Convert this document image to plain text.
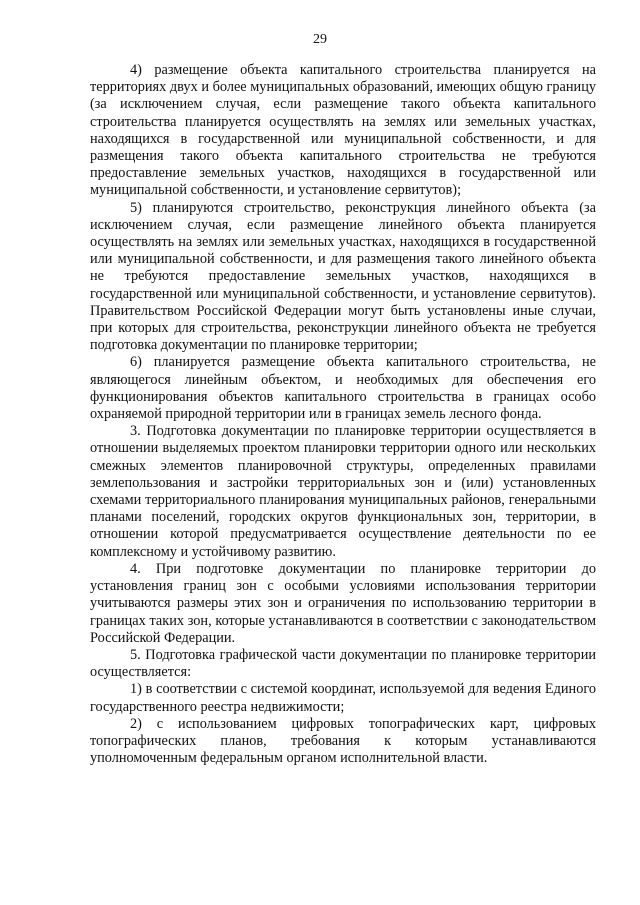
29

4) размещение объекта капитального строительства планируется на территориях двух и более муниципальных образований, имеющих общую границу (за исключением случая, если размещение такого объекта капитального строительства планируется осуществлять на землях или земельных участках, находящихся в государственной или муниципальной собственности, и для размещения такого объекта капитального строительства не требуются предоставление земельных участков, находящихся в государственной или муниципальной собственности, и установление сервитутов);

5) планируются строительство, реконструкция линейного объекта (за исключением случая, если размещение линейного объекта планируется осуществлять на землях или земельных участках, находящихся в государственной или муниципальной собственности, и для размещения такого линейного объекта не требуются предоставление земельных участков, находящихся в государственной или муниципальной собственности, и установление сервитутов). Правительством Российской Федерации могут быть установлены иные случаи, при которых для строительства, реконструкции линейного объекта не требуется подготовка документации по планировке территории;

6) планируется размещение объекта капитального строительства, не являющегося линейным объектом, и необходимых для обеспечения его функционирования объектов капитального строительства в границах особо охраняемой природной территории или в границах земель лесного фонда.

3. Подготовка документации по планировке территории осуществляется в отношении выделяемых проектом планировки территории одного или нескольких смежных элементов планировочной структуры, определенных правилами землепользования и застройки территориальных зон и (или) установленных схемами территориального планирования муниципальных районов, генеральными планами поселений, городских округов функциональных зон, территории, в отношении которой предусматривается осуществление деятельности по ее комплексному и устойчивому развитию.

4. При подготовке документации по планировке территории до установления границ зон с особыми условиями использования территории учитываются размеры этих зон и ограничения по использованию территории в границах таких зон, которые устанавливаются в соответствии с законодательством Российской Федерации.

5. Подготовка графической части документации по планировке территории осуществляется:

1) в соответствии с системой координат, используемой для ведения Единого государственного реестра недвижимости;

2) с использованием цифровых топографических карт, цифровых топографических планов, требования к которым устанавливаются уполномоченным федеральным органом исполнительной власти.
